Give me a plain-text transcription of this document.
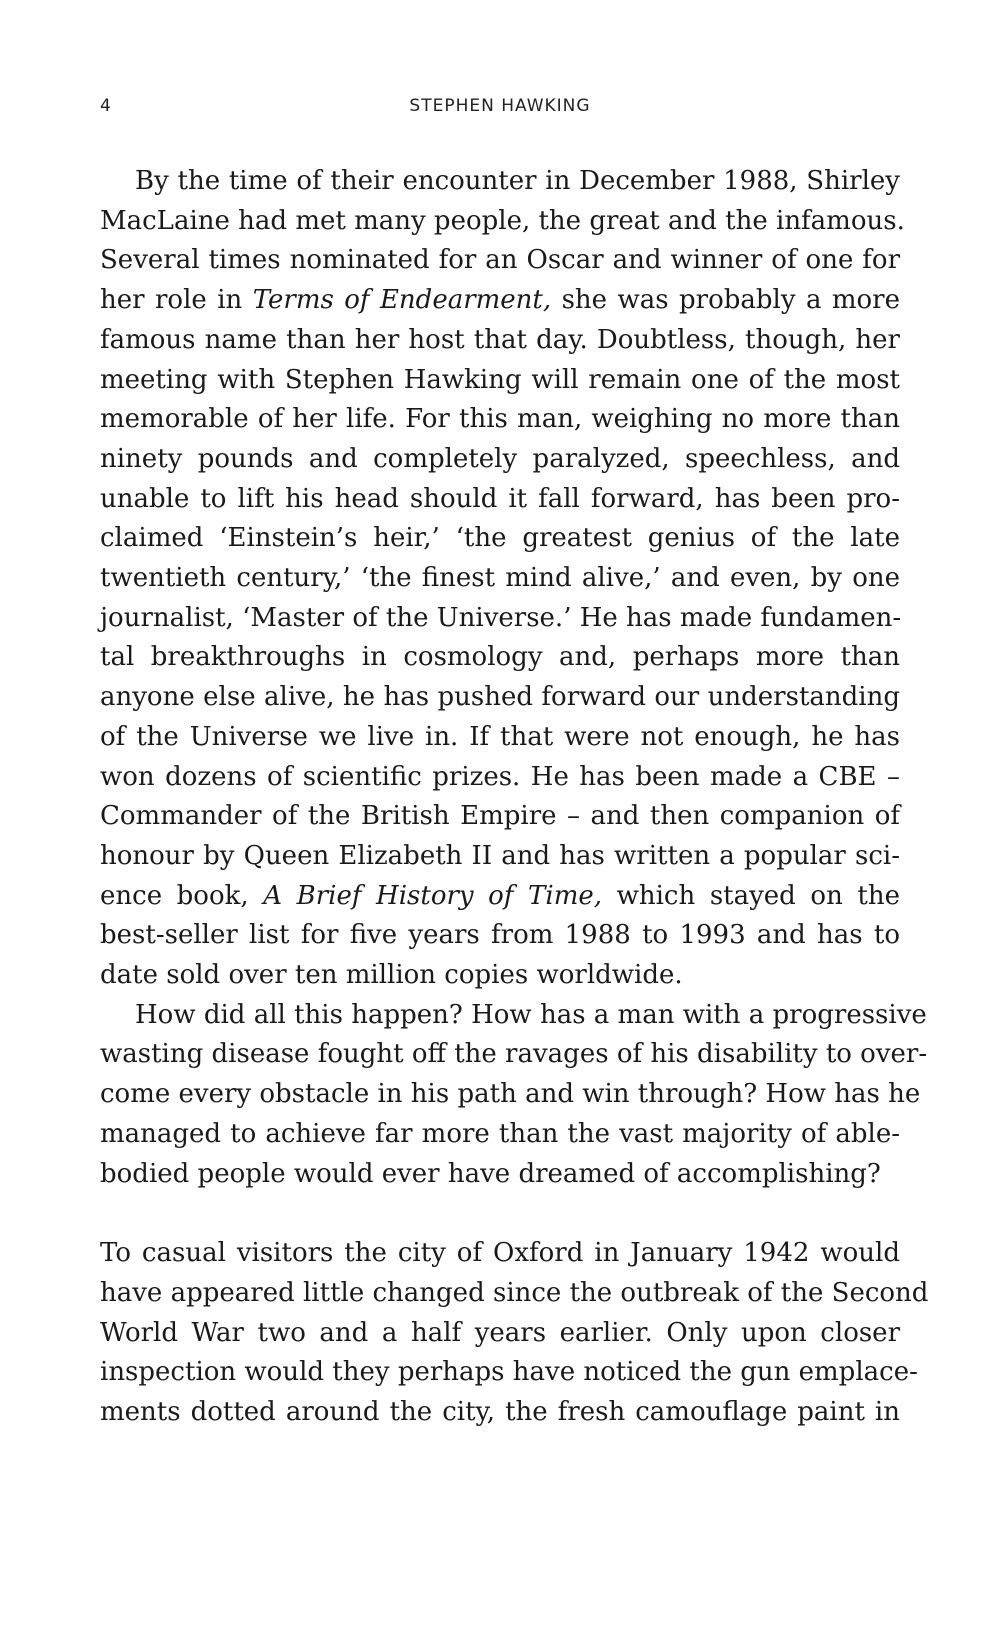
4	STEPHEN HAWKING

By the time of their encounter in December 1988, Shirley
MacLaine had met many people, the great and the infamous.
Several times nominated for an Oscar and winner of one for
her role in Terms of Endearment, she was probably a more
famous name than her host that day. Doubtless, though, her
meeting with Stephen Hawking will remain one of the most
memorable of her life. For this man, weighing no more than
ninety pounds and completely paralyzed, speechless, and
unable to lift his head should it fall forward, has been pro-
claimed ‘Einstein’s heir,’ ‘the greatest genius of the late
twentieth century,’ ‘the finest mind alive,’ and even, by one
journalist, ‘Master of the Universe.’ He has made fundamen-
tal breakthroughs in cosmology and, perhaps more than
anyone else alive, he has pushed forward our understanding
of the Universe we live in. If that were not enough, he has
won dozens of scientific prizes. He has been made a CBE –
Commander of the British Empire – and then companion of
honour by Queen Elizabeth II and has written a popular sci-
ence book, A Brief History of Time, which stayed on the
best-seller list for five years from 1988 to 1993 and has to
date sold over ten million copies worldwide.

How did all this happen? How has a man with a progressive
wasting disease fought off the ravages of his disability to over-
come every obstacle in his path and win through? How has he
managed to achieve far more than the vast majority of able-
bodied people would ever have dreamed of accomplishing?

To casual visitors the city of Oxford in January 1942 would
have appeared little changed since the outbreak of the Second
World War two and a half years earlier. Only upon closer
inspection would they perhaps have noticed the gun emplace-
ments dotted around the city, the fresh camouflage paint in
